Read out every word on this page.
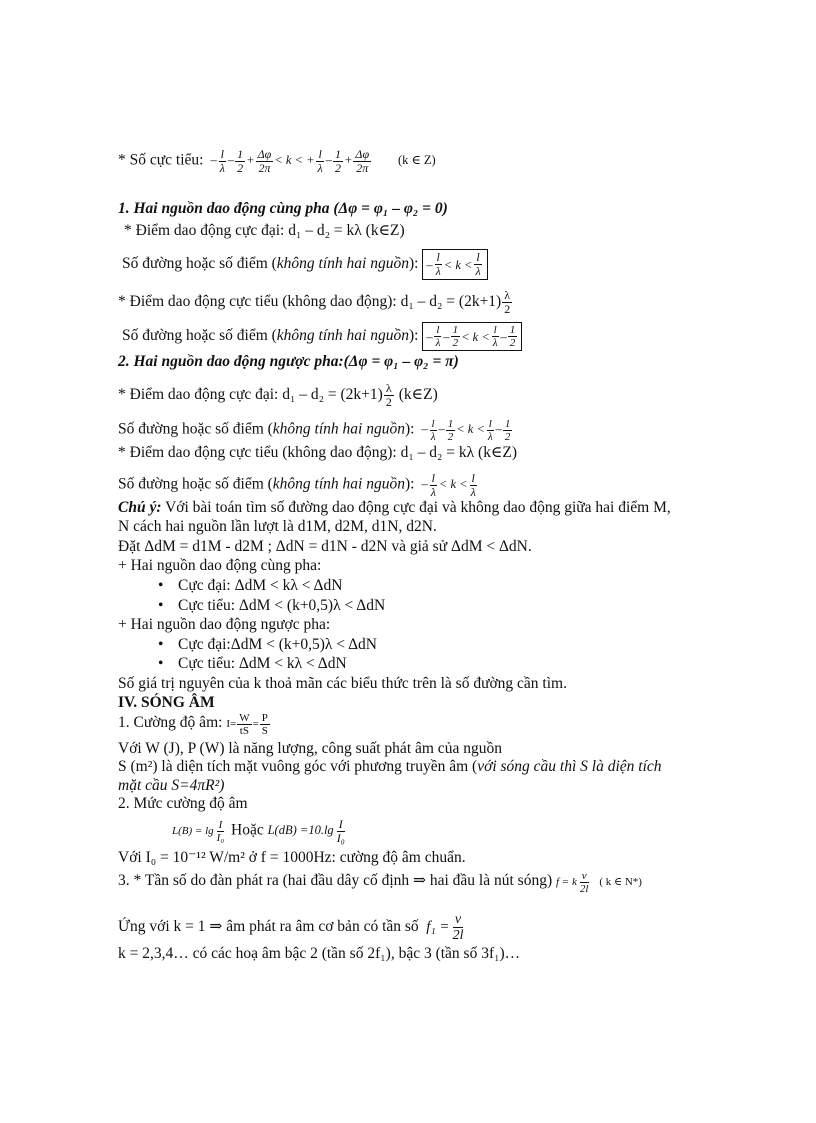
* Số cực tiểu:  – $\frac{l}{\lambda} - \frac{1}{2} + \frac{\Delta\varphi}{2\pi} < k$ < + $\frac{l}{\lambda} - \frac{1}{2} + \frac{\Delta\varphi}{2\pi} (k$ ∈ Z)
1. Hai nguồn dao động cùng pha (Δφ = φ₁ – φ₂ = 0)
* Điểm dao động cực đại: d₁ – d₂ = kλ (k∈Z)
Số đường hoặc số điểm (không tính hai nguồn): – $\frac{l}{\lambda} < k < \frac{l}{\lambda}$
* Điểm dao động cực tiểu (không dao động): $d_1 - d_2 = (2k+1) \frac{\lambda}{2}$
Số đường hoặc số điểm (không tính hai nguồn): – $\frac{l}{\lambda} - \frac{1}{2} < k < \frac{l}{\lambda} - \frac{1}{2}$
2. Hai nguồn dao động ngược pha:(Δφ = φ₁ – φ₂ = π)
* Điểm dao động cực đại: $d_1 - d_2 = (2k+1) \frac{\lambda}{2}$ (k∈Z)
Số đường hoặc số điểm (không tính hai nguồn):  – $\frac{l}{\lambda} - \frac{1}{2} < k < \frac{l}{\lambda} - \frac{1}{2}$
* Điểm dao động cực tiểu (không dao động): d₁ – d₂ = kλ (k∈Z)
Số đường hoặc số điểm (không tính hai nguồn):  – $\frac{l}{\lambda} < k < \frac{l}{\lambda}$
Chú ý: Với bài toán tìm số đường dao động cực đại và không dao động giữa hai điểm M,
N cách hai nguồn lần lượt là d1M, d2M, d1N, d2N.
Đặt ΔdM = d1M - d2M ; ΔdN = d1N - d2N và giả sử ΔdM < ΔdN.
+ Hai nguồn dao động cùng pha:
• Cực đại: ΔdM < kλ < ΔdN
• Cực tiểu: ΔdM < (k+0,5)λ < ΔdN
+ Hai nguồn dao động ngược pha:
• Cực đại:ΔdM < (k+0,5)λ < ΔdN
• Cực tiểu: ΔdM < kλ < ΔdN
Số giá trị nguyên của k thoả mãn các biểu thức trên là số đường cần tìm.
IV. SÓNG ÂM
1. Cường độ âm: $I= \frac{W}{tS} = \frac{P}{S}$
Với W (J), P (W) là năng lượng, công suất phát âm của nguồn
S (m²) là diện tích mặt vuông góc với phương truyền âm (với sóng cầu thì S là diện tích
mặt cầu S=4πR²)
2. Mức cường độ âm
$L(B) = \lg \frac{I}{\text{I₀}}$ Hoặc $L(dB) =10.\lg \frac{I}{\text{I₀}}$
Với I₀ = 10⁻¹² W/m² ở f = 1000Hz: cường độ âm chuẩn.
3. * Tần số do đàn phát ra (hai đầu dây cố định ⇒ hai đầu là nút sóng) f = k $\frac{v}{2l}$ ( k ∈ N*)
Ứng với k = 1 ⇒ âm phát ra âm cơ bản có tần số  $f_1 = \frac{v}{2l}$
k = 2,3,4… có các hoạ âm bậc 2 (tần số 2f₁), bậc 3 (tần số 3f₁)…
